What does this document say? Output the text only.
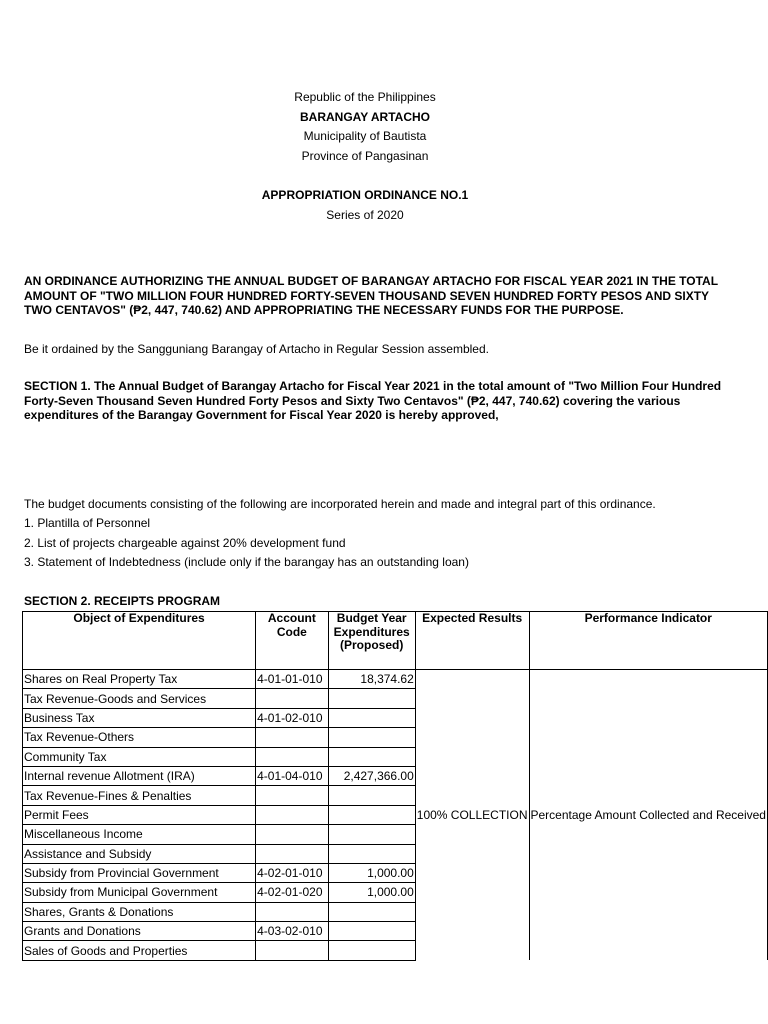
Republic of the Philippines
BARANGAY ARTACHO
Municipality of Bautista
Province of Pangasinan
APPROPRIATION ORDINANCE NO.1
Series of 2020
AN ORDINANCE AUTHORIZING THE ANNUAL BUDGET OF BARANGAY ARTACHO FOR FISCAL YEAR 2021 IN THE TOTAL AMOUNT OF "TWO MILLION FOUR HUNDRED FORTY-SEVEN THOUSAND SEVEN HUNDRED FORTY PESOS AND SIXTY TWO CENTAVOS" (₱2, 447, 740.62) AND APPROPRIATING THE NECESSARY FUNDS FOR THE PURPOSE.
Be it ordained by the Sangguniang Barangay of Artacho in Regular Session assembled.
SECTION 1. The Annual Budget of Barangay Artacho for Fiscal Year 2021 in the total amount of "Two Million Four Hundred Forty-Seven Thousand Seven Hundred Forty Pesos and Sixty Two Centavos" (₱2, 447, 740.62) covering the various expenditures of the Barangay Government for Fiscal Year 2020 is hereby approved,
The budget documents consisting of the following are incorporated herein and made and integral part of this ordinance.
1. Plantilla of Personnel
2. List of projects chargeable against 20% development fund
3. Statement of Indebtedness (include only if the barangay has an outstanding loan)
SECTION 2. RECEIPTS PROGRAM
Object of Expenditures	Account Code	Budget Year Expenditures (Proposed)	Expected Results	Performance Indicator
Shares on Real Property Tax	4-01-01-010	18,374.62	100% COLLECTION	Percentage Amount Collected and Received
Tax Revenue-Goods and Services				
Business Tax	4-01-02-010			
Tax Revenue-Others				
Community Tax				
Internal revenue Allotment (IRA)	4-01-04-010	2,427,366.00		
Tax Revenue-Fines & Penalties				
Permit Fees				
Miscellaneous Income				
Assistance and Subsidy				
Subsidy from Provincial Government	4-02-01-010	1,000.00		
Subsidy from Municipal Government	4-02-01-020	1,000.00		
Shares, Grants & Donations				
Grants and Donations	4-03-02-010			
Sales of Goods and Properties				
